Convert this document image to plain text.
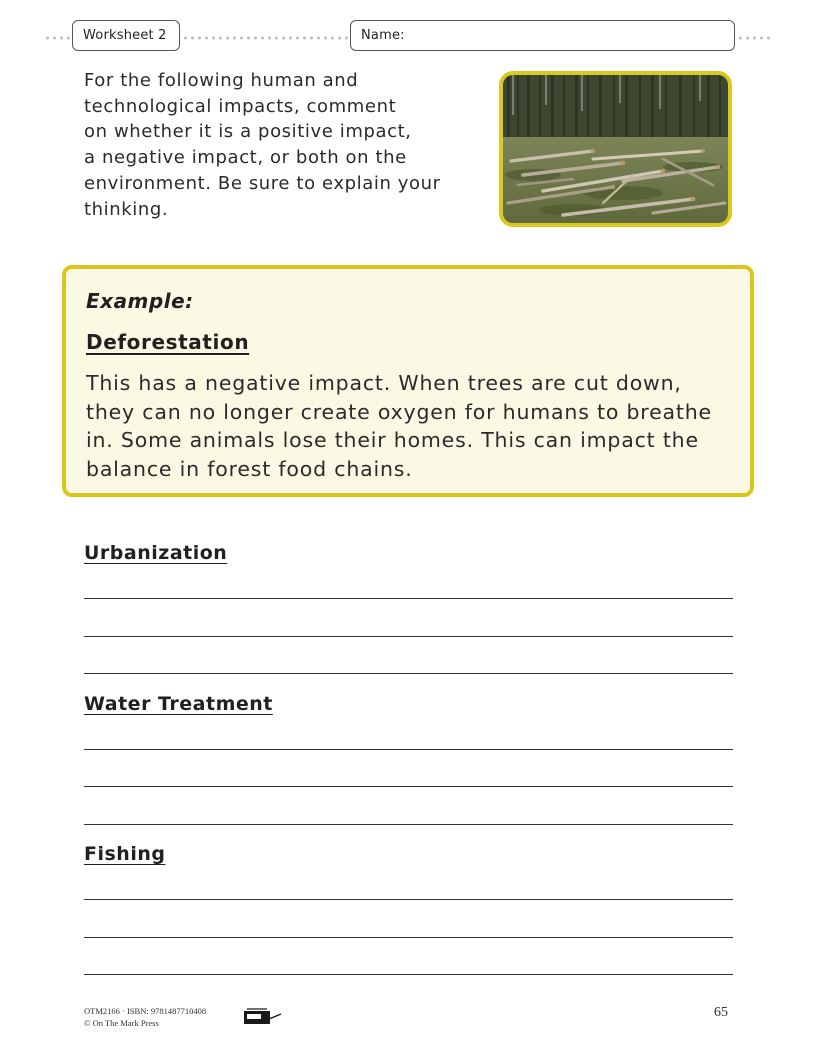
Worksheet 2	Name:
For the following human and
technological impacts, comment
on whether it is a positive impact,
a negative impact, or both on the
environment. Be sure to explain your
thinking.
Example:
Deforestation
This has a negative impact. When trees are cut down,
they can no longer create oxygen for humans to breathe
in. Some animals lose their homes. This can impact the
balance in forest food chains.
Urbanization
Water Treatment
Fishing
OTM2166 · ISBN: 9781487710408
© On The Mark Press
65
